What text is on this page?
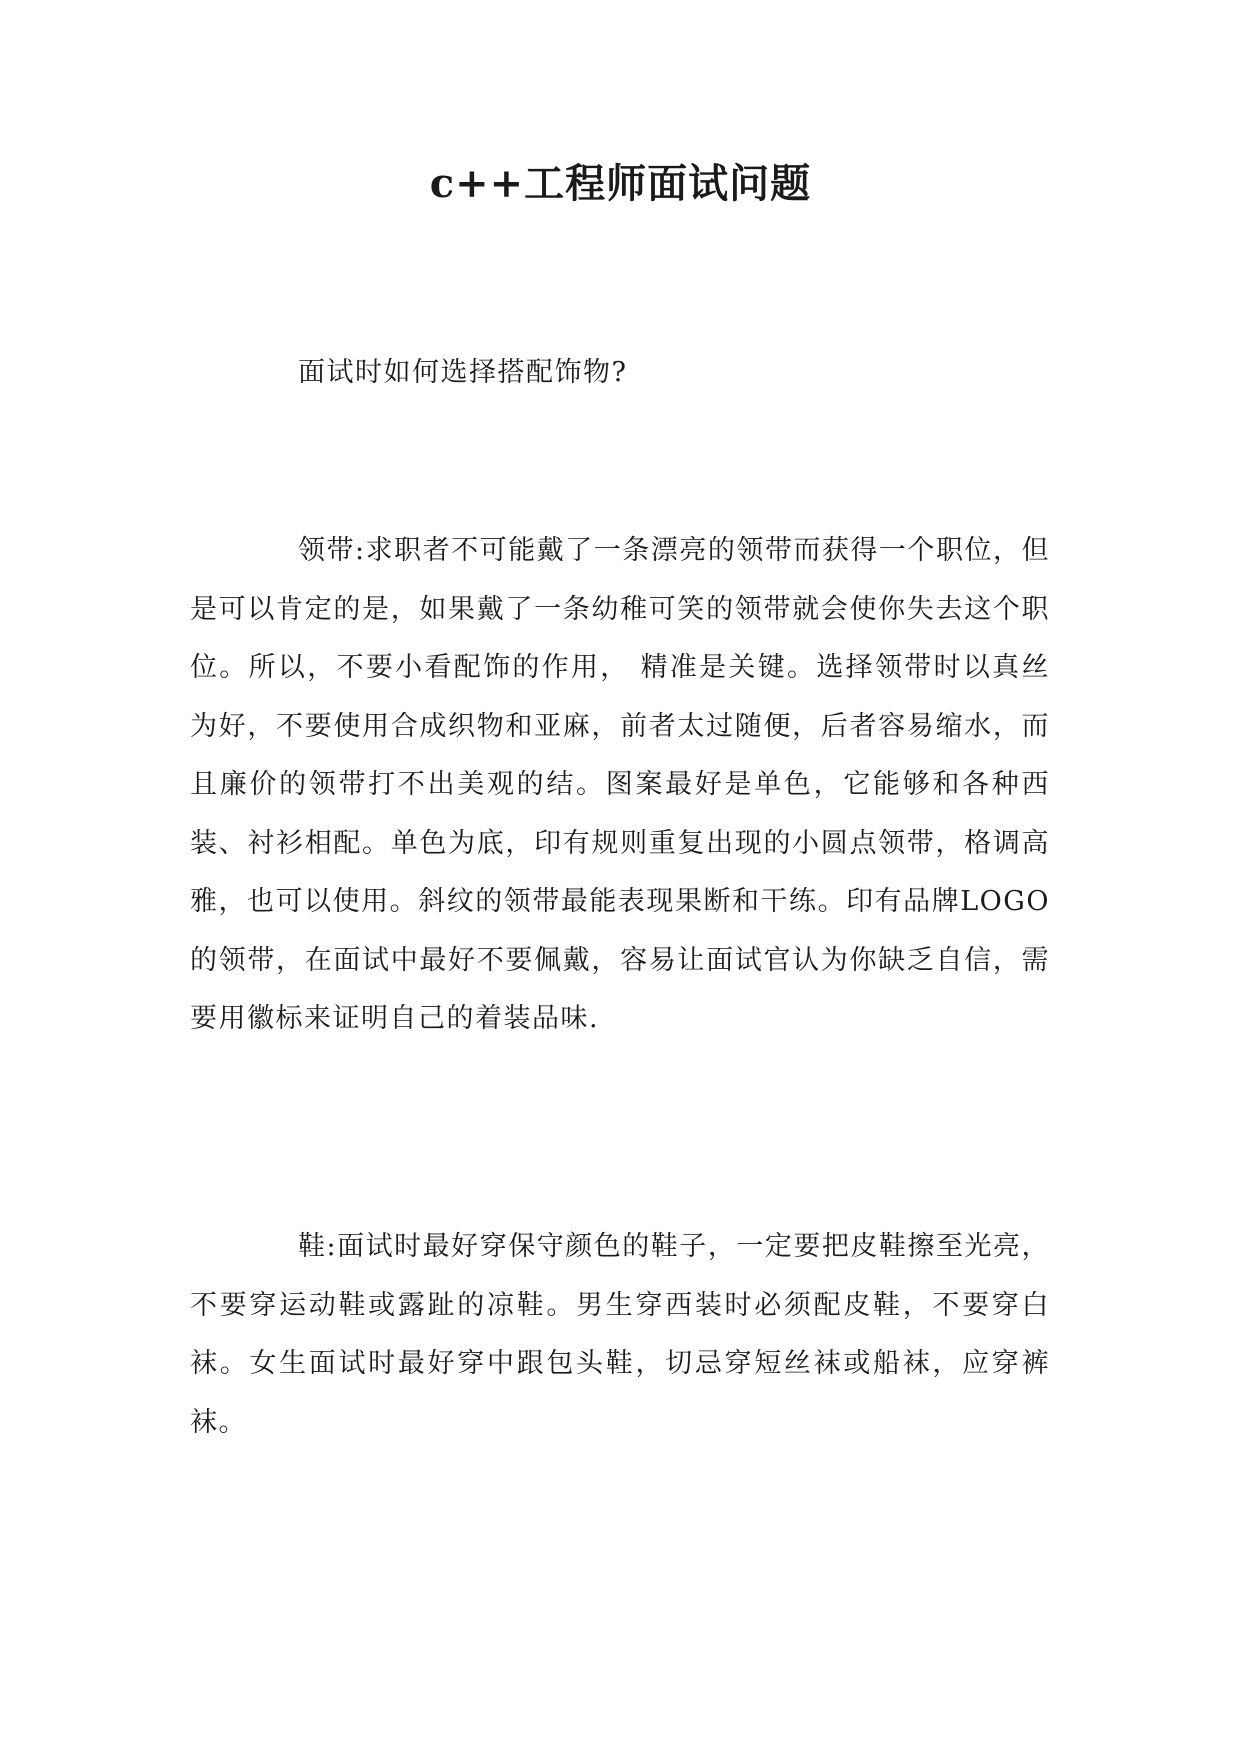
c++工程师面试问题

面试时如何选择搭配饰物?

领带:求职者不可能戴了一条漂亮的领带而获得一个职位，但是可以肯定的是，如果戴了一条幼稚可笑的领带就会使你失去这个职位。所以，不要小看配饰的作用， 精准是关键。选择领带时以真丝为好，不要使用合成织物和亚麻，前者太过随便，后者容易缩水，而且廉价的领带打不出美观的结。图案最好是单色，它能够和各种西装、衬衫相配。单色为底，印有规则重复出现的小圆点领带，格调高雅，也可以使用。斜纹的领带最能表现果断和干练。印有品牌LOGO的领带，在面试中最好不要佩戴，容易让面试官认为你缺乏自信，需要用徽标来证明自己的着装品味.

鞋:面试时最好穿保守颜色的鞋子，一定要把皮鞋擦至光亮，不要穿运动鞋或露趾的凉鞋。男生穿西装时必须配皮鞋，不要穿白袜。女生面试时最好穿中跟包头鞋，切忌穿短丝袜或船袜，应穿裤袜。
